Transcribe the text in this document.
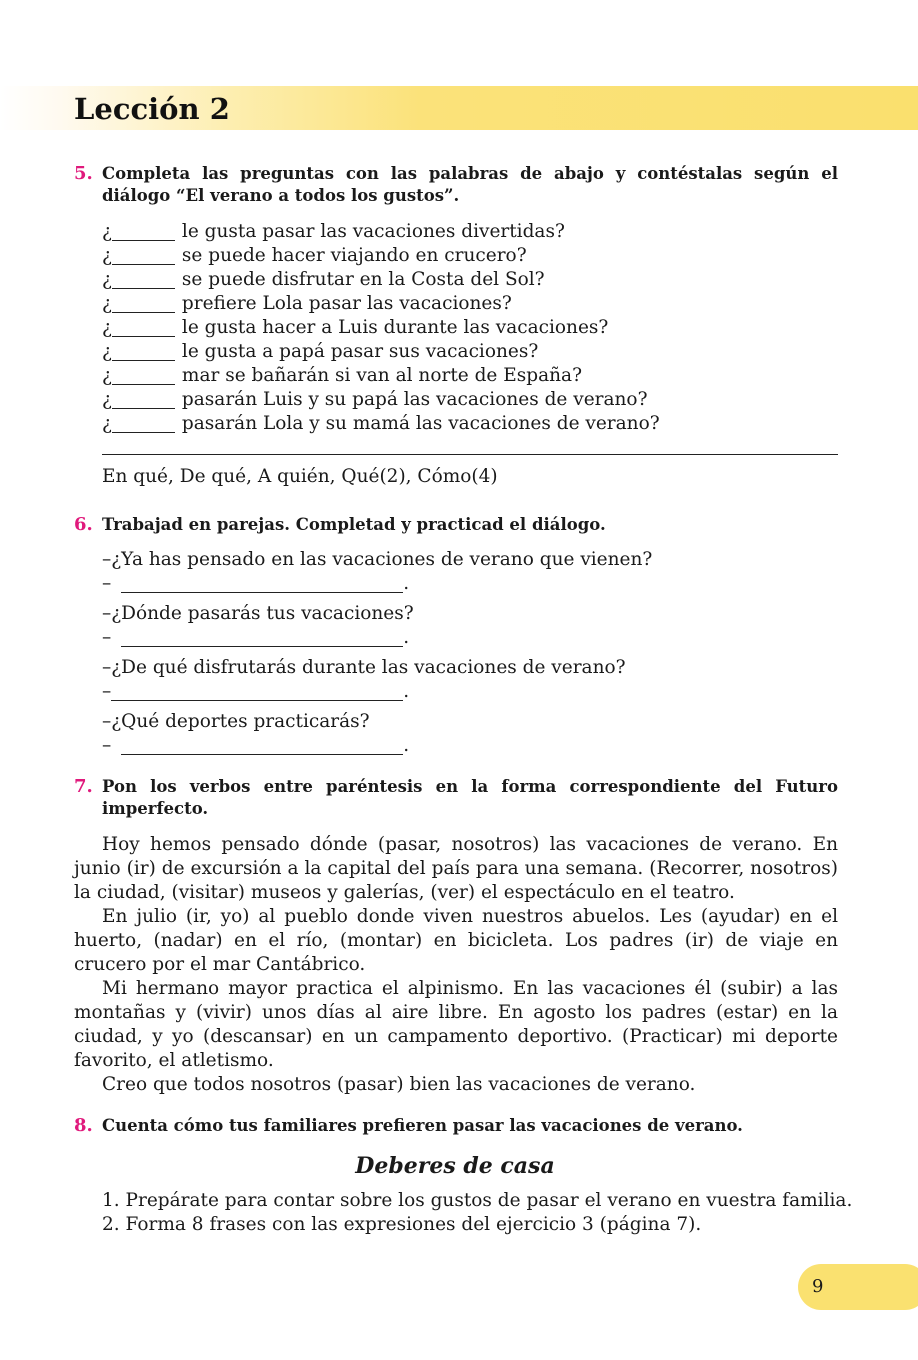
Lección 2
5. Completa las preguntas con las palabras de abajo y contéstalas según el diálogo “El verano a todos los gustos”.
¿	le gusta pasar las vacaciones divertidas?
¿	se puede hacer viajando en crucero?
¿	se puede disfrutar en la Costa del Sol?
¿	prefiere Lola pasar las vacaciones?
¿	le gusta hacer a Luis durante las vacaciones?
¿	le gusta a papá pasar sus vacaciones?
¿	mar se bañarán si van al norte de España?
¿	pasarán Luis y su papá las vacaciones de verano?
¿	pasarán Lola y su mamá las vacaciones de verano?
En qué, De qué, A quién, Qué(2), Cómo(4)
6. Trabajad en parejas. Completad y practicad el diálogo.
–¿Ya has pensado en las vacaciones de verano que vienen?
–	.
–¿Dónde pasarás tus vacaciones?
–	.
–¿De qué disfrutarás durante las vacaciones de verano?
–	.
–¿Qué deportes practicarás?
–	.
7. Pon los verbos entre paréntesis en la forma correspondiente del Futuro imperfecto.

Hoy hemos pensado dónde (pasar, nosotros) las vacaciones de verano. En junio (ir) de excursión a la capital del país para una semana. (Recorrer, nosotros) la ciudad, (visitar) museos y galerías, (ver) el espectáculo en el teatro.

En julio (ir, yo) al pueblo donde viven nuestros abuelos. Les (ayudar) en el huerto, (nadar) en el río, (montar) en bicicleta. Los padres (ir) de viaje en crucero por el mar Cantábrico.

Mi hermano mayor practica el alpinismo. En las vacaciones él (subir) a las montañas y (vivir) unos días al aire libre. En agosto los padres (estar) en la ciudad, y yo (descansar) en un campamento deportivo. (Practicar) mi deporte favorito, el atletismo.

Creo que todos nosotros (pasar) bien las vacaciones de verano.

8. Cuenta cómo tus familiares prefieren pasar las vacaciones de verano.
Deberes de casa
1. Prepárate para contar sobre los gustos de pasar el verano en vuestra familia.
2. Forma 8 frases con las expresiones del ejercicio 3 (página 7).
9
